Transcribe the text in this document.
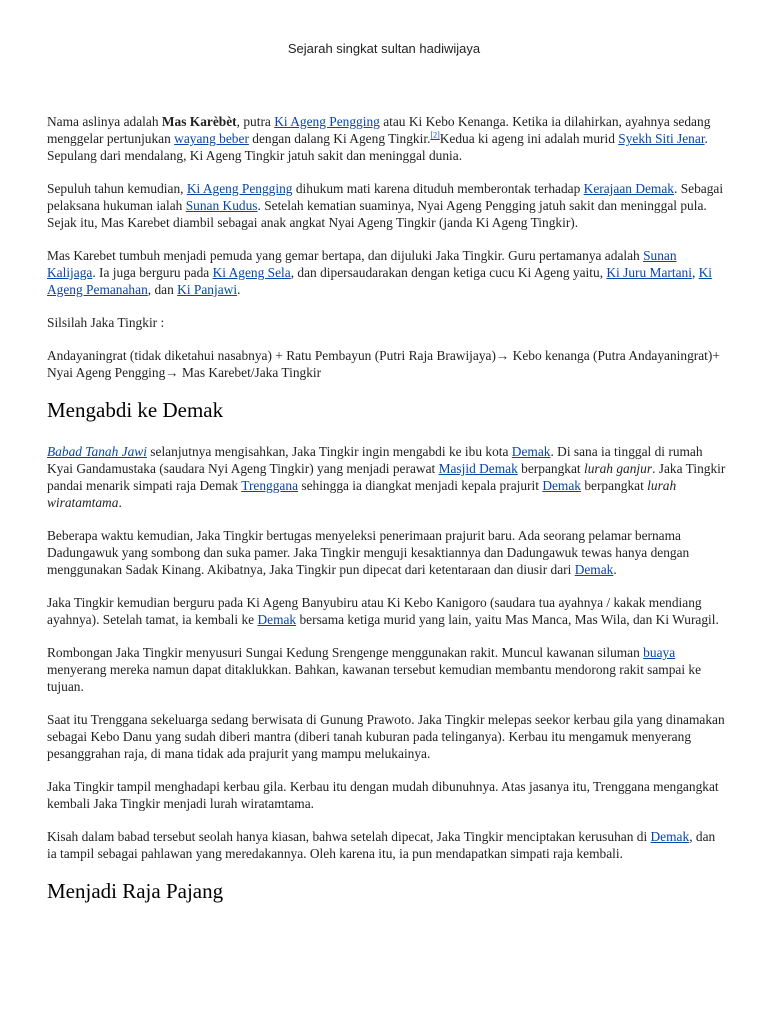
Sejarah singkat sultan hadiwijaya

Nama aslinya adalah Mas Karèbèt, putra Ki Ageng Pengging atau Ki Kebo Kenanga. Ketika ia dilahirkan, ayahnya sedang menggelar pertunjukan wayang beber dengan dalang Ki Ageng Tingkir.[2]Kedua ki ageng ini adalah murid Syekh Siti Jenar. Sepulang dari mendalang, Ki Ageng Tingkir jatuh sakit dan meninggal dunia.

Sepuluh tahun kemudian, Ki Ageng Pengging dihukum mati karena dituduh memberontak terhadap Kerajaan Demak. Sebagai pelaksana hukuman ialah Sunan Kudus. Setelah kematian suaminya, Nyai Ageng Pengging jatuh sakit dan meninggal pula. Sejak itu, Mas Karebet diambil sebagai anak angkat Nyai Ageng Tingkir (janda Ki Ageng Tingkir).

Mas Karebet tumbuh menjadi pemuda yang gemar bertapa, dan dijuluki Jaka Tingkir. Guru pertamanya adalah Sunan Kalijaga. Ia juga berguru pada Ki Ageng Sela, dan dipersaudarakan dengan ketiga cucu Ki Ageng yaitu, Ki Juru Martani, Ki Ageng Pemanahan, dan Ki Panjawi.

Silsilah Jaka Tingkir :

Andayaningrat (tidak diketahui nasabnya) + Ratu Pembayun (Putri Raja Brawijaya)→ Kebo kenanga (Putra Andayaningrat)+ Nyai Ageng Pengging→ Mas Karebet/Jaka Tingkir

Mengabdi ke Demak

Babad Tanah Jawi selanjutnya mengisahkan, Jaka Tingkir ingin mengabdi ke ibu kota Demak. Di sana ia tinggal di rumah Kyai Gandamustaka (saudara Nyi Ageng Tingkir) yang menjadi perawat Masjid Demak berpangkat lurah ganjur. Jaka Tingkir pandai menarik simpati raja Demak Trenggana sehingga ia diangkat menjadi kepala prajurit Demak berpangkat lurah wiratamtama.

Beberapa waktu kemudian, Jaka Tingkir bertugas menyeleksi penerimaan prajurit baru. Ada seorang pelamar bernama Dadungawuk yang sombong dan suka pamer. Jaka Tingkir menguji kesaktiannya dan Dadungawuk tewas hanya dengan menggunakan Sadak Kinang. Akibatnya, Jaka Tingkir pun dipecat dari ketentaraan dan diusir dari Demak.

Jaka Tingkir kemudian berguru pada Ki Ageng Banyubiru atau Ki Kebo Kanigoro (saudara tua ayahnya / kakak mendiang ayahnya). Setelah tamat, ia kembali ke Demak bersama ketiga murid yang lain, yaitu Mas Manca, Mas Wila, dan Ki Wuragil.

Rombongan Jaka Tingkir menyusuri Sungai Kedung Srengenge menggunakan rakit. Muncul kawanan siluman buaya menyerang mereka namun dapat ditaklukkan. Bahkan, kawanan tersebut kemudian membantu mendorong rakit sampai ke tujuan.

Saat itu Trenggana sekeluarga sedang berwisata di Gunung Prawoto. Jaka Tingkir melepas seekor kerbau gila yang dinamakan sebagai Kebo Danu yang sudah diberi mantra (diberi tanah kuburan pada telinganya). Kerbau itu mengamuk menyerang pesanggrahan raja, di mana tidak ada prajurit yang mampu melukainya.

Jaka Tingkir tampil menghadapi kerbau gila. Kerbau itu dengan mudah dibunuhnya. Atas jasanya itu, Trenggana mengangkat kembali Jaka Tingkir menjadi lurah wiratamtama.

Kisah dalam babad tersebut seolah hanya kiasan, bahwa setelah dipecat, Jaka Tingkir menciptakan kerusuhan di Demak, dan ia tampil sebagai pahlawan yang meredakannya. Oleh karena itu, ia pun mendapatkan simpati raja kembali.

Menjadi Raja Pajang
